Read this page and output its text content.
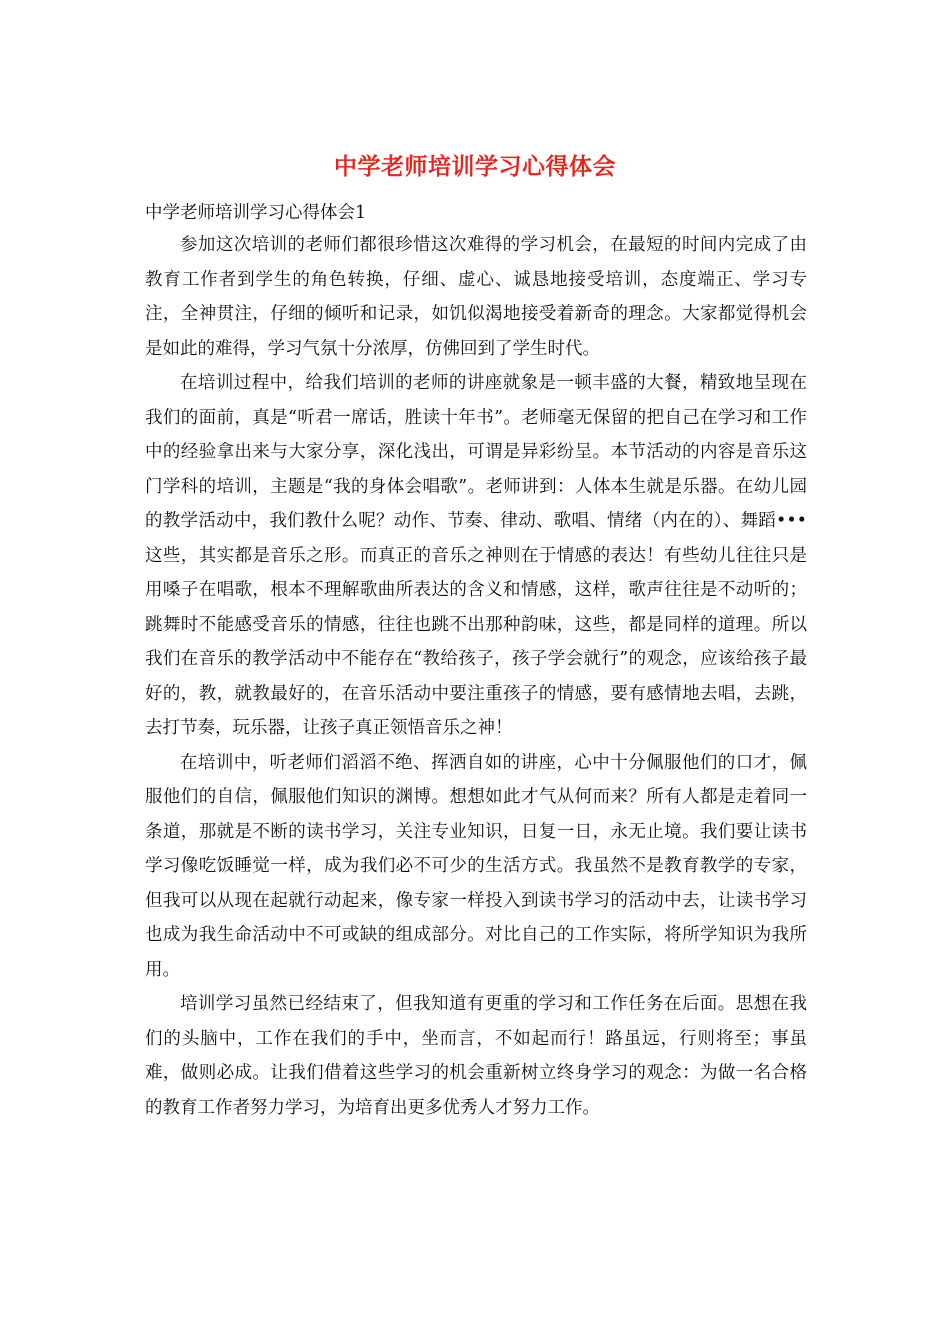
中学老师培训学习心得体会
中学老师培训学习心得体会1

参加这次培训的老师们都很珍惜这次难得的学习机会，在最短的时间内完成了由教育工作者到学生的角色转换，仔细、虚心、诚恳地接受培训，态度端正、学习专注，全神贯注，仔细的倾听和记录，如饥似渴地接受着新奇的理念。大家都觉得机会是如此的难得，学习气氛十分浓厚，仿佛回到了学生时代。

在培训过程中，给我们培训的老师的讲座就象是一顿丰盛的大餐，精致地呈现在我们的面前，真是“听君一席话，胜读十年书”。老师毫无保留的把自己在学习和工作中的经验拿出来与大家分享，深化浅出，可谓是异彩纷呈。本节活动的内容是音乐这门学科的培训，主题是“我的身体会唱歌”。老师讲到：人体本生就是乐器。在幼儿园的教学活动中，我们教什么呢？动作、节奏、律动、歌唱、情绪（内在的）、舞蹈•••这些，其实都是音乐之形。而真正的音乐之神则在于情感的表达！有些幼儿往往只是用嗓子在唱歌，根本不理解歌曲所表达的含义和情感，这样，歌声往往是不动听的；跳舞时不能感受音乐的情感，往往也跳不出那种韵味，这些，都是同样的道理。所以我们在音乐的教学活动中不能存在“教给孩子，孩子学会就行”的观念，应该给孩子最好的，教，就教最好的，在音乐活动中要注重孩子的情感，要有感情地去唱，去跳，去打节奏，玩乐器，让孩子真正领悟音乐之神！

在培训中，听老师们滔滔不绝、挥洒自如的讲座，心中十分佩服他们的口才，佩服他们的自信，佩服他们知识的渊博。想想如此才气从何而来？所有人都是走着同一条道，那就是不断的读书学习，关注专业知识，日复一日，永无止境。我们要让读书学习像吃饭睡觉一样，成为我们必不可少的生活方式。我虽然不是教育教学的专家，但我可以从现在起就行动起来，像专家一样投入到读书学习的活动中去，让读书学习也成为我生命活动中不可或缺的组成部分。对比自己的工作实际，将所学知识为我所用。

培训学习虽然已经结束了，但我知道有更重的学习和工作任务在后面。思想在我们的头脑中，工作在我们的手中，坐而言，不如起而行！路虽远，行则将至；事虽难，做则必成。让我们借着这些学习的机会重新树立终身学习的观念：为做一名合格的教育工作者努力学习，为培育出更多优秀人才努力工作。
